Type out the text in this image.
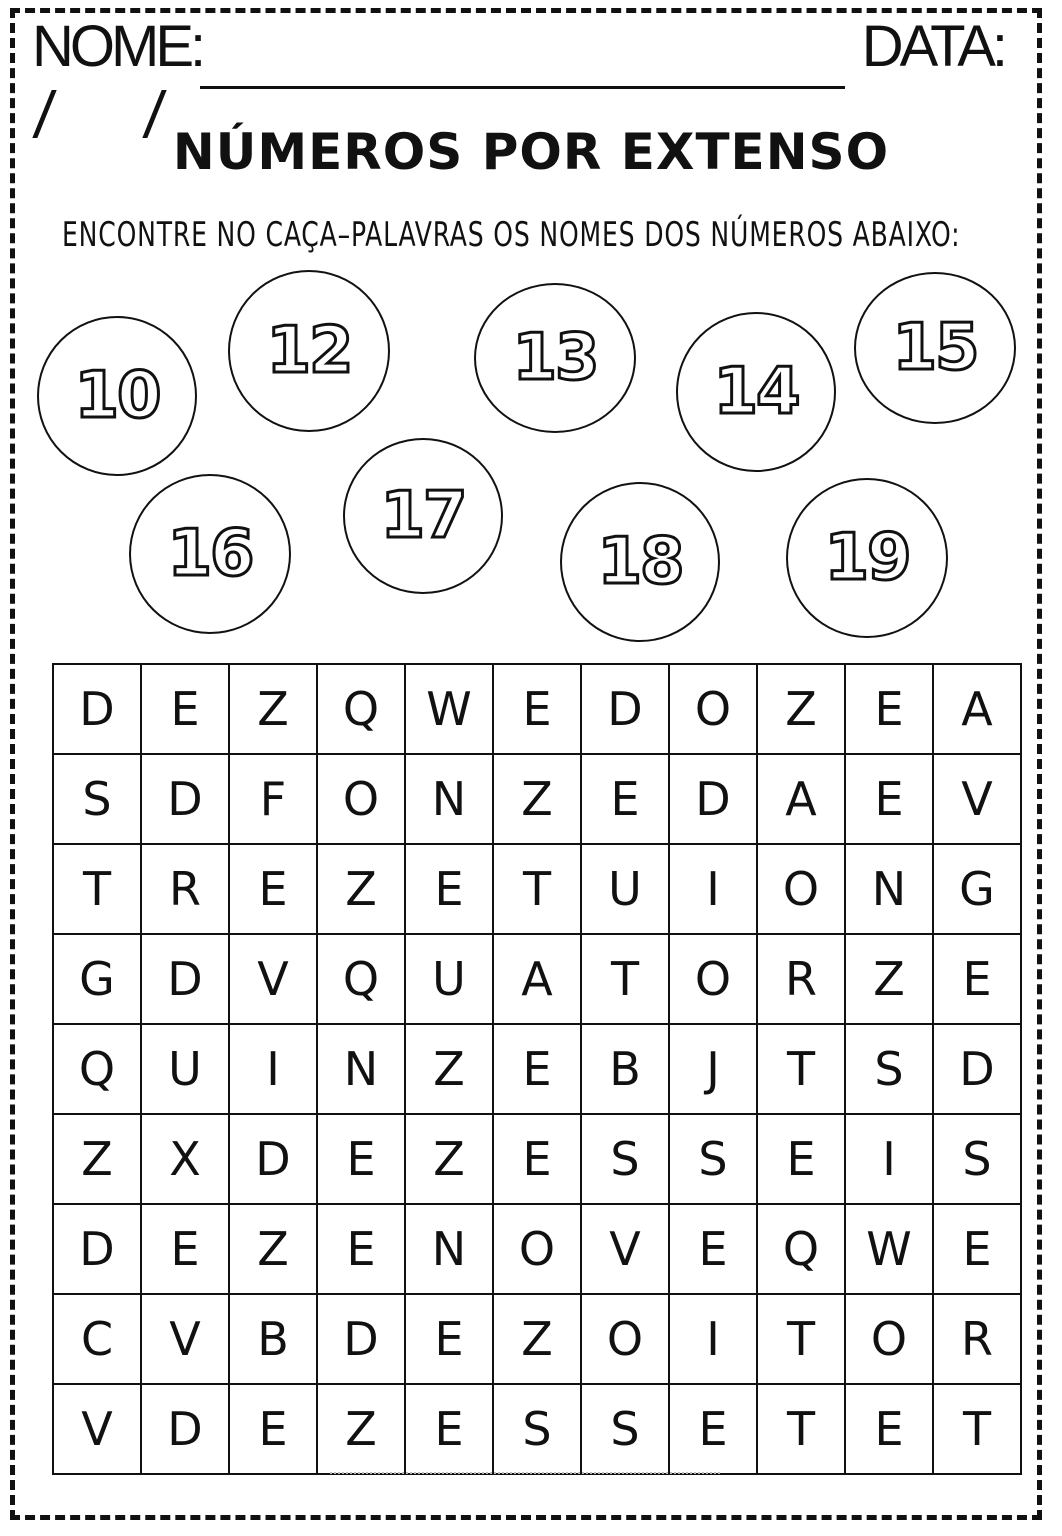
NOME:	DATA:
NÚMEROS POR EXTENSO
ENCONTRE NO CAÇA–PALAVRAS OS NOMES DOS NÚMEROS ABAIXO:
10
12	13 14
15
16
17
18 19
D	E	Z	Q	W	E	D	O	Z	E	A
S	D	F	O	N	Z	E	D	A	E	V
T	R	E	Z	E	T	U	I	O	N	G
G	D	V	Q	U	A	T	O	R	Z	E
Q	U	I	N	Z	E	B	J	T	S	D
Z	X	D	E	Z	E	S	S	E	I	S
D	E	Z	E	N	O	V	E	Q	W	E
C	V	B	D	E	Z	O	I	T	O	R
V	D	E	Z	E	S	S	E	T	E	T
